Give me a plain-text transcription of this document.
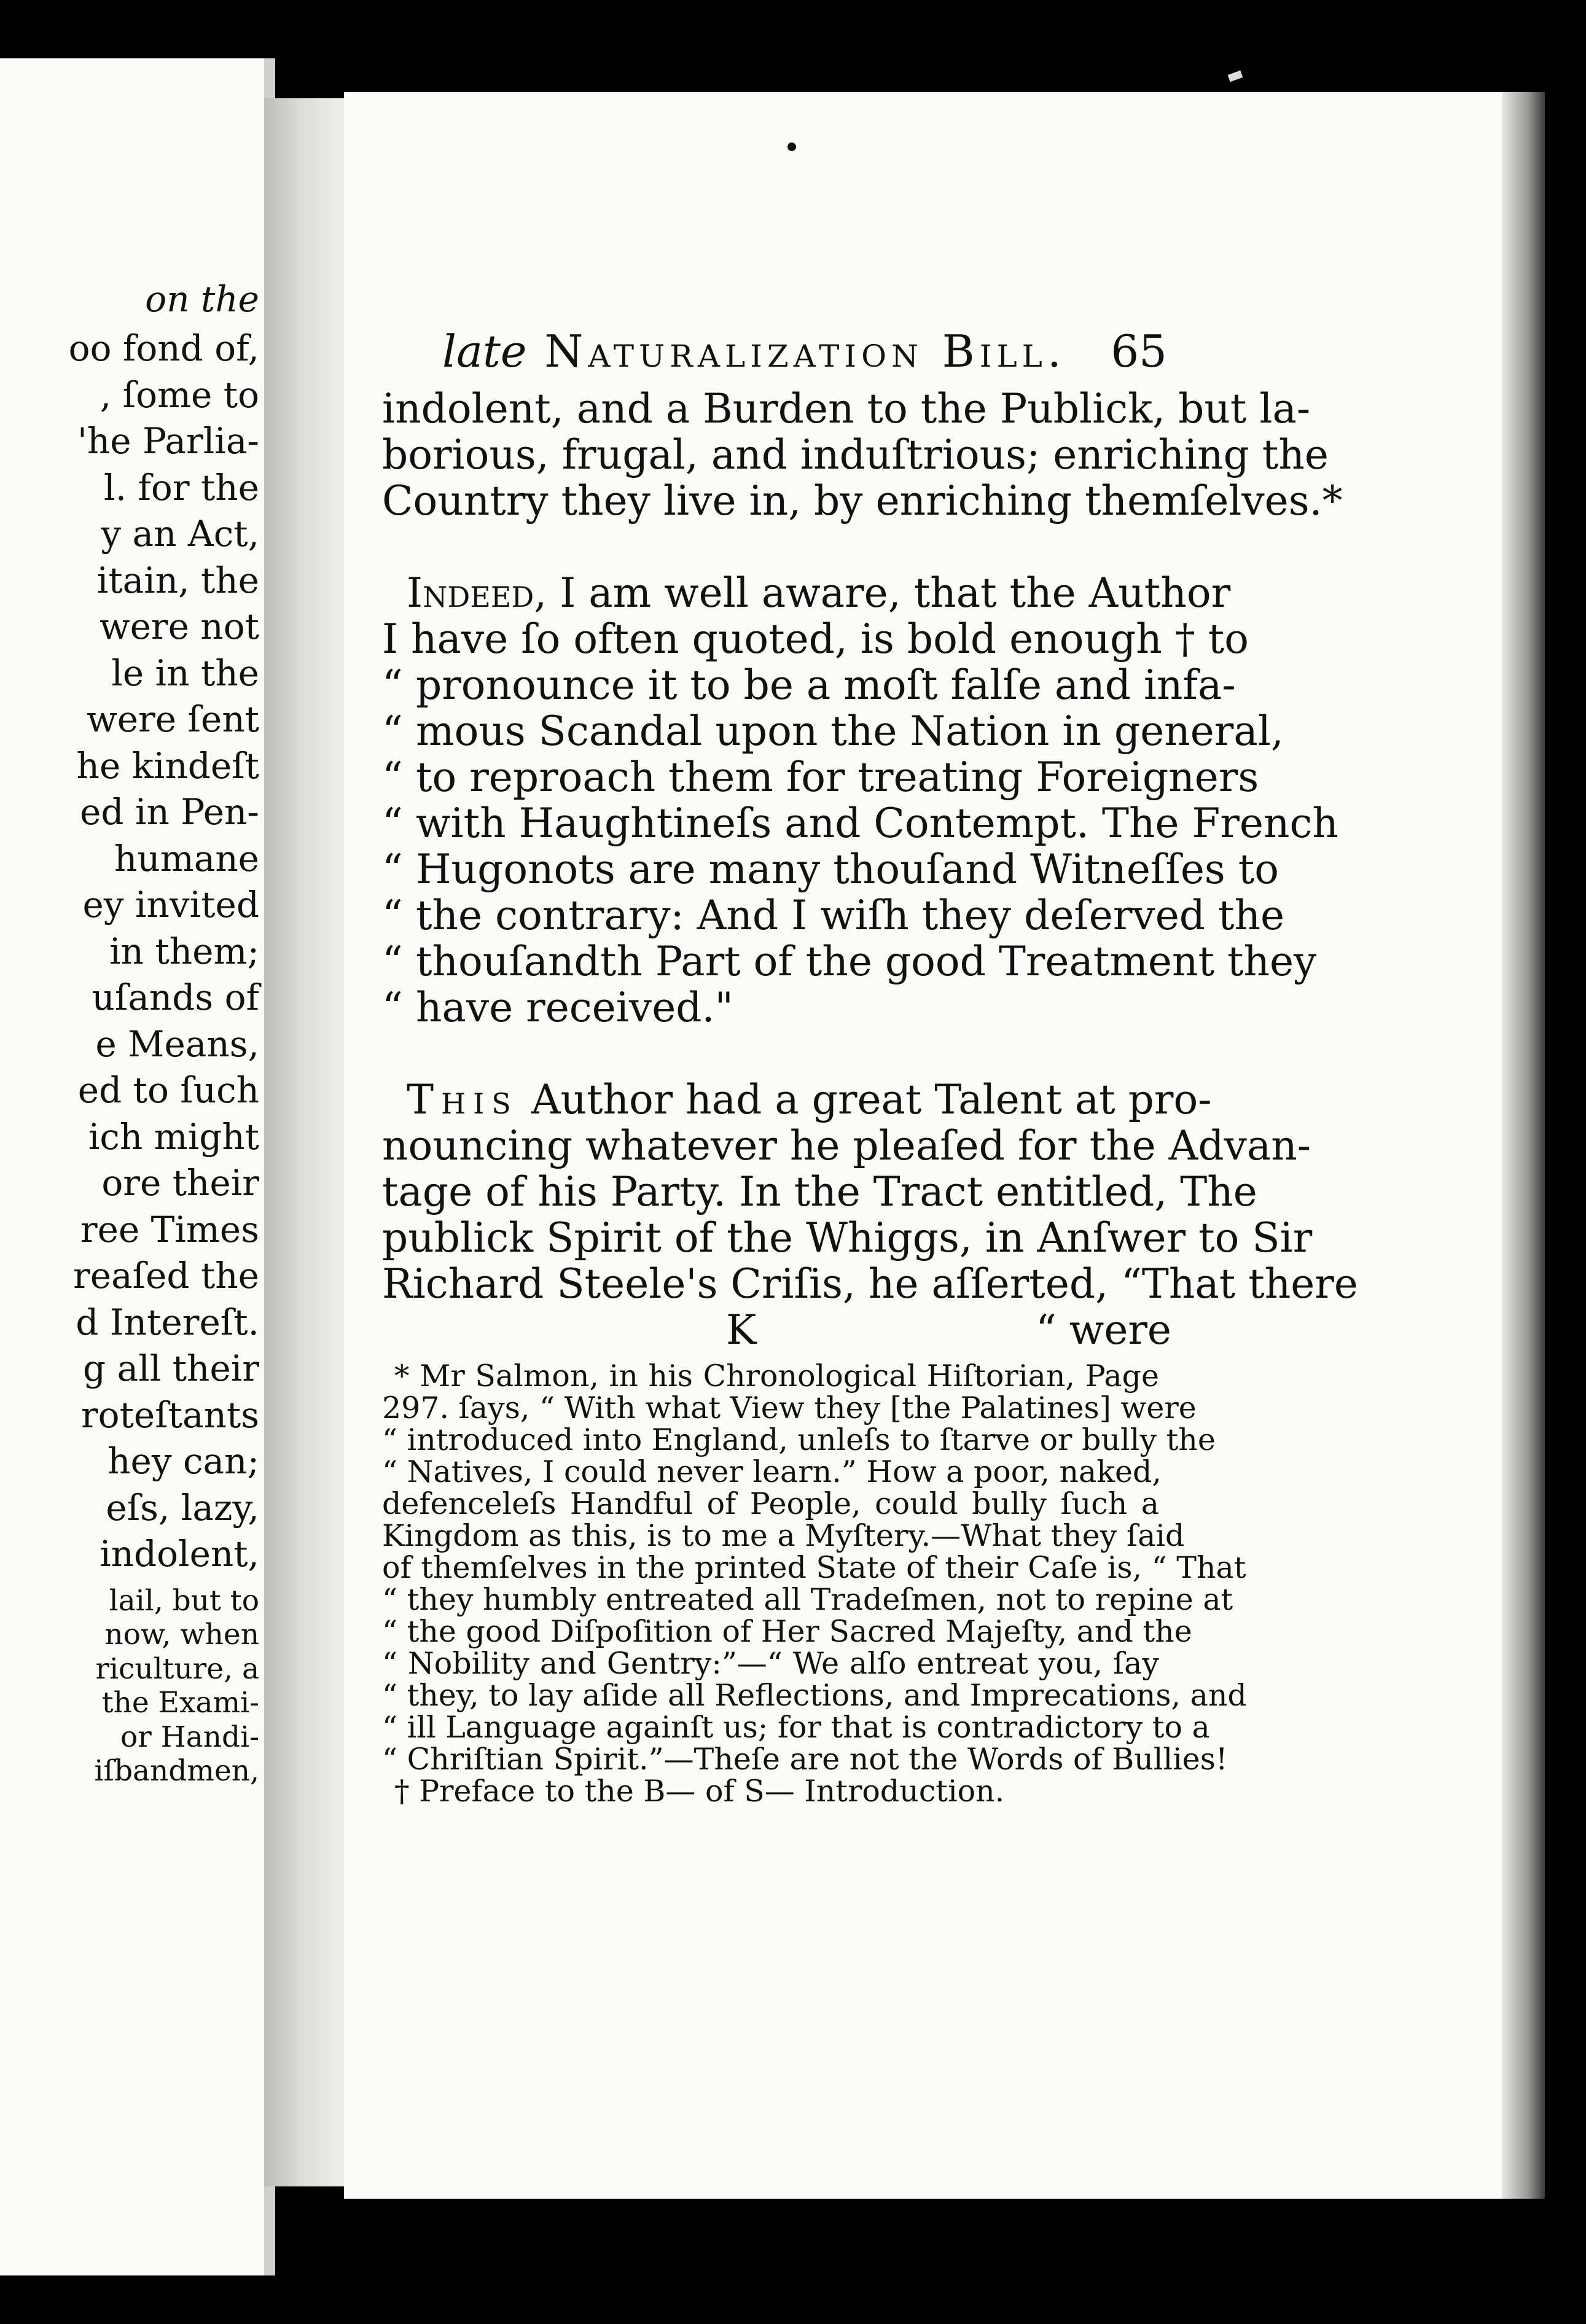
on the
oo fond of,
, ſome to
'he Parlia-
l. for the
y an Act,
itain, the
were not
le in the
were ſent
he kindeſt
ed in Pen-
humane
ey invited
in them;
uſands of
e Means,
ed to ſuch
ich might
ore their
ree Times
reaſed the
d Intereſt.
g all their
roteſtants
hey can;
eſs, lazy,
indolent,
lail, but to
now, when
riculture, a
the Exami-
or Handi-
iſbandmen,
late Naturalization Bill. 65
indolent, and a Burden to the Publick, but la-
borious, frugal, and induſtrious; enriching the
Country they live in, by enriching themſelves.*
Indeed, I am well aware, that the Author
I have ſo often quoted, is bold enough † to
“ pronounce it to be a moſt falſe and infa-
“ mous Scandal upon the Nation in general,
“ to reproach them for treating Foreigners
“ with Haughtineſs and Contempt. The French
“ Hugonots are many thouſand Witneſſes to
“ the contrary: And I wiſh they deſerved the
“ thouſandth Part of the good Treatment they
“ have received."
This Author had a great Talent at pro-
nouncing whatever he pleaſed for the Advan-
tage of his Party. In the Tract entitled, The
publick Spirit of the Whiggs, in Anſwer to Sir
Richard Steele's Criſis, he aſſerted, “That there
K	“ were
* Mr Salmon, in his Chronological Hiſtorian, Page
297. ſays, “ With what View they [the Palatines] were
“ introduced into England, unleſs to ſtarve or bully the
“ Natives, I could never learn.” How a poor, naked,
defenceleſs Handful of People, could bully ſuch a
Kingdom as this, is to me a Myſtery.—What they ſaid
of themſelves in the printed State of their Caſe is, “ That
“ they humbly entreated all Tradeſmen, not to repine at
“ the good Diſpoſition of Her Sacred Majeſty, and the
“ Nobility and Gentry:”—“ We alſo entreat you, ſay
“ they, to lay aſide all Reflections, and Imprecations, and
“ ill Language againſt us; for that is contradictory to a
“ Chriſtian Spirit.”—Theſe are not the Words of Bullies!
† Preface to the B— of S— Introduction.
